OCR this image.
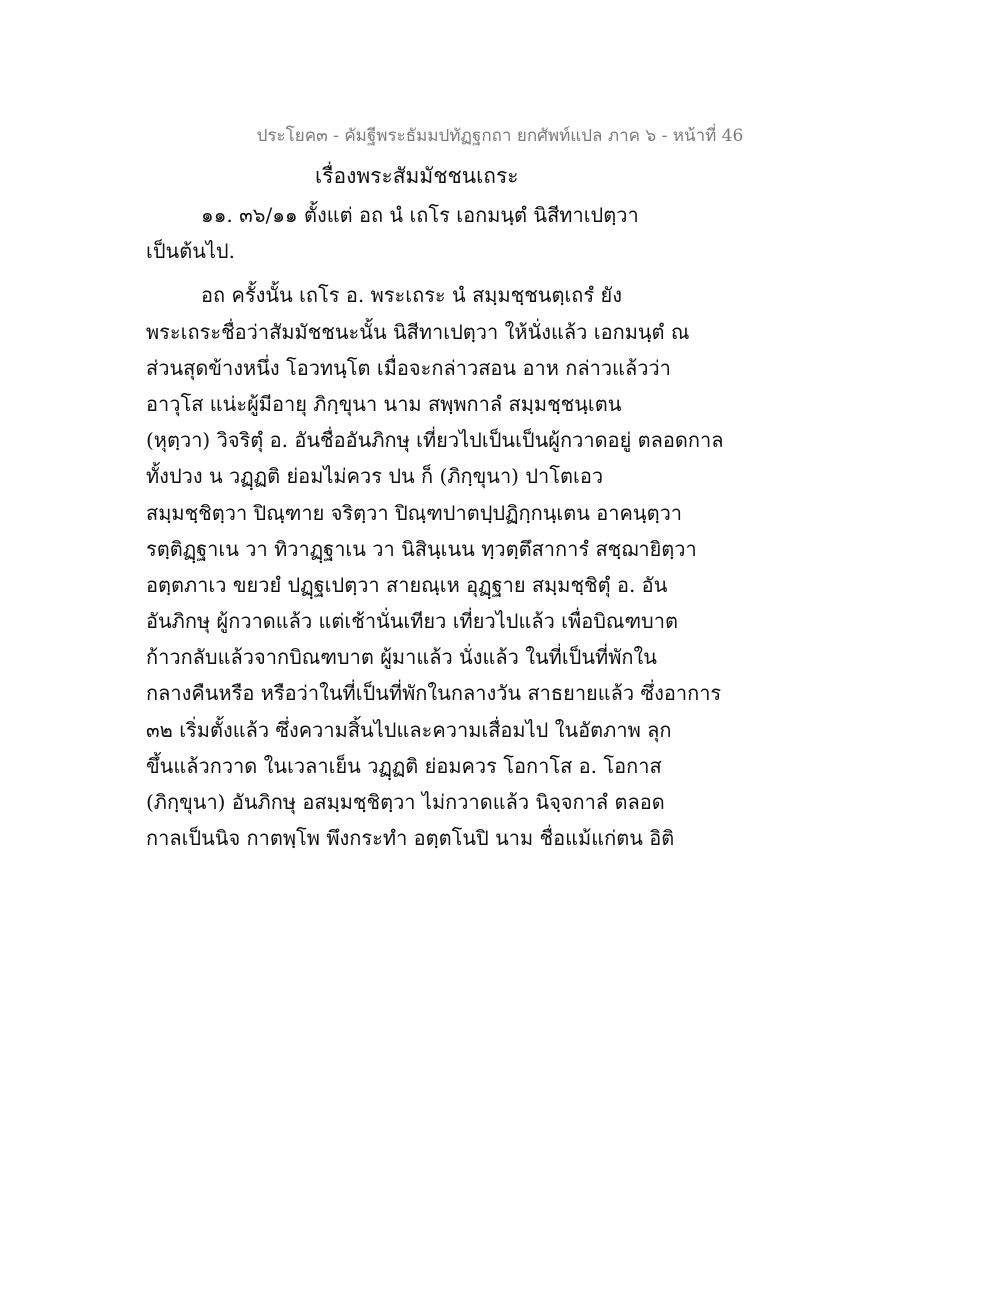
ประโยค๓ - คัมฐีพระธัมมปทัฏฐกถา ยกศัพท์แปล ภาค ๖ - หน้าที่ 46
เรื่องพระสัมมัชชนเถระ
๑๑. ๓๖/๑๑ ตั้งแต่ อถ นํ เถโร เอกมนฺตํ นิสีทาเปตฺวา
เป็นต้นไป.
อถ ครั้งนั้น เถโร อ. พระเถระ นํ สมฺมชฺชนตฺเถรํ ยัง
พระเถระชื่อว่าสัมมัชชนะนั้น นิสีทาเปตฺวา ให้นั่งแล้ว เอกมนฺตํ ณ
ส่วนสุดข้างหนึ่ง โอวทนฺโต เมื่อจะกล่าวสอน อาห กล่าวแล้วว่า
อาวุโส แน่ะผู้มีอายุ ภิกฺขุนา นาม สพฺพกาลํ สมฺมชฺชนฺเตน
(หุตฺวา) วิจริตุํ อ. อันชื่ออันภิกษุ เที่ยวไปเป็นเป็นผู้กวาดอยู่ ตลอดกาล
ทั้งปวง น วฏฺฏติ ย่อมไม่ควร ปน ก็ (ภิกฺขุนา) ปาโตเอว
สมฺมชฺชิตฺวา ปิณฺฑาย จริตฺวา ปิณฺฑปาตปฺปฏิกฺกนฺเตน อาคนฺตฺวา
รตฺติฏฺฐาเน วา ทิวาฏฺฐาเน วา นิสินฺเนน ทฺวตฺตึสาการํ สชฺฌายิตฺวา
อตฺตภาเว ขยวยํ ปฏฺฐเปตฺวา สายณฺเห อุฏฺฐาย สมฺมชฺชิตุํ อ. อัน
อันภิกษุ ผู้กวาดแล้ว แต่เช้านั่นเทียว เที่ยวไปแล้ว เพื่อบิณฑบาต
ก้าวกลับแล้วจากบิณฑบาต ผู้มาแล้ว นั่งแล้ว ในที่เป็นที่พักใน
กลางคืนหรือ หรือว่าในที่เป็นที่พักในกลางวัน สาธยายแล้ว ซึ่งอาการ
๓๒ เริ่มตั้งแล้ว ซึ่งความสิ้นไปและความเสื่อมไป ในอัตภาพ ลุก
ขึ้นแล้วกวาด ในเวลาเย็น วฏฺฏติ ย่อมควร โอกาโส อ. โอกาส
(ภิกฺขุนา) อันภิกษุ อสมฺมชฺชิตฺวา ไม่กวาดแล้ว นิจฺจกาลํ ตลอด
กาลเป็นนิจ กาตพฺโพ พึงกระทำ อตฺตโนปิ นาม ชื่อแม้แก่ตน อิติ
